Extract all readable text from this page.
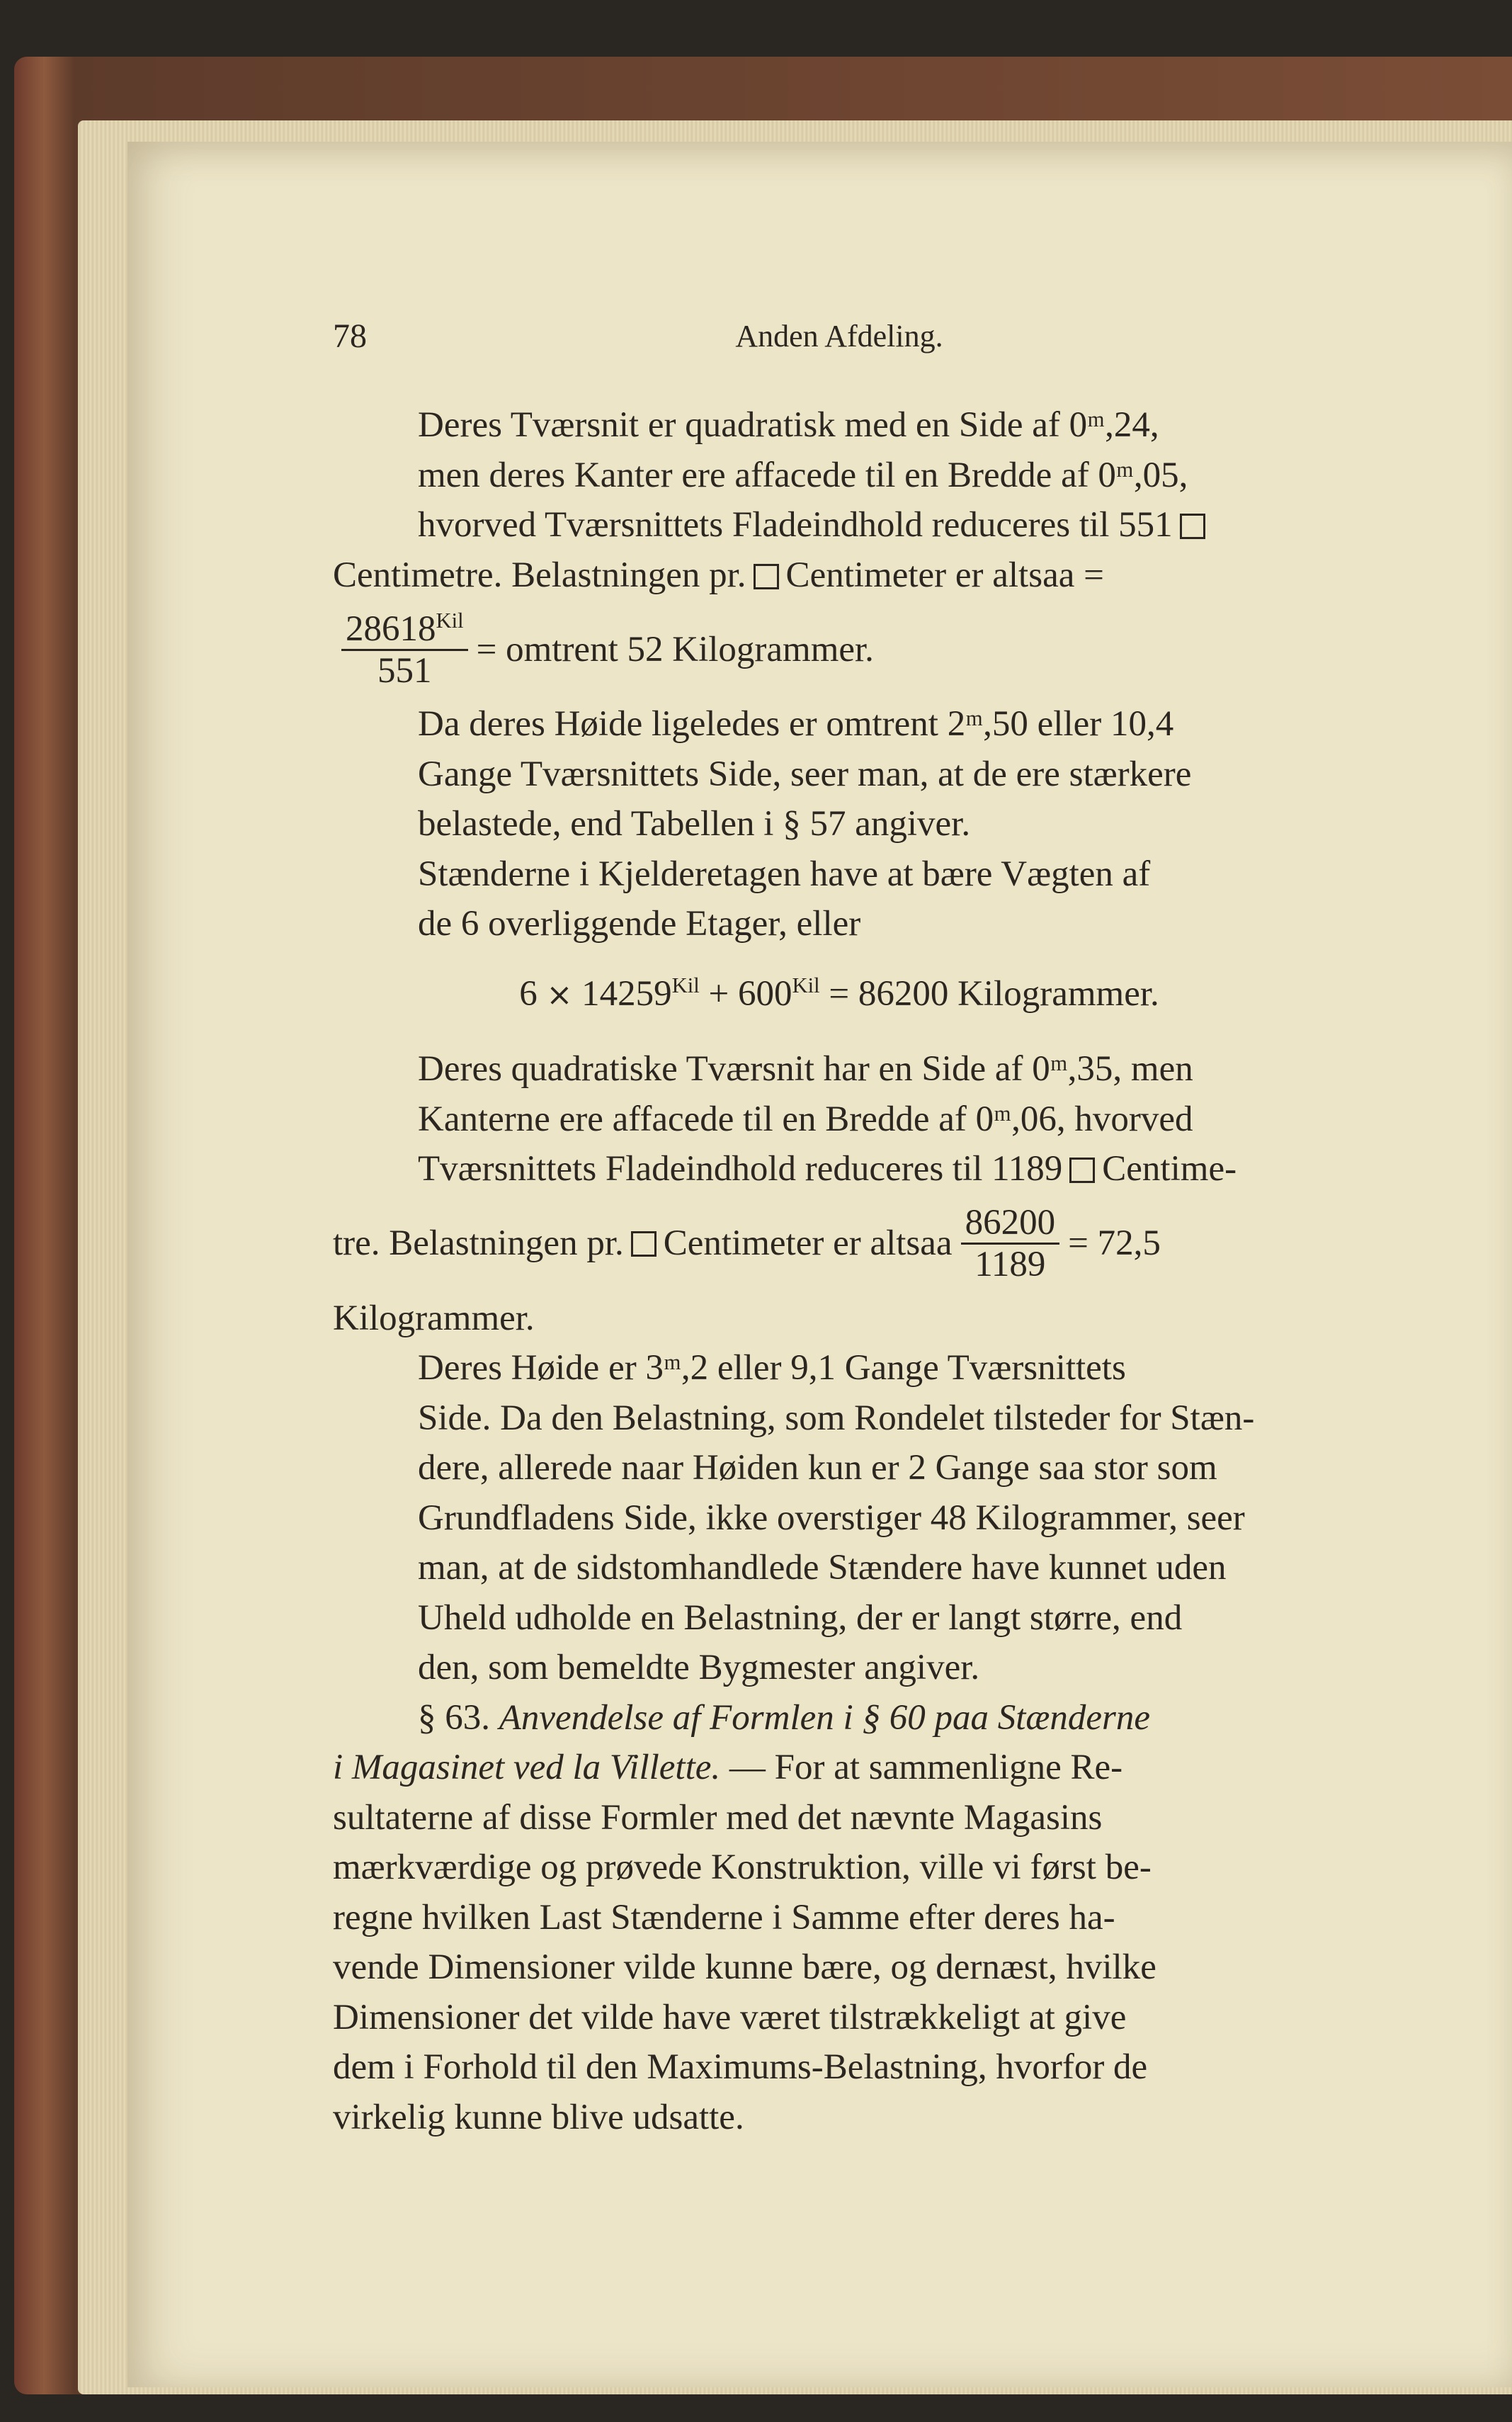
78	Anden Afdeling.

Deres Tværsnit er quadratisk med en Side af 0ᵐ,24,
men deres Kanter ere affacede til en Bredde af 0ᵐ,05,
hvorved Tværsnittets Fladeindhold reduceres til 551

Centimetre. Belastningen pr. Centimeter er altsaa =

$\frac{28618^{Kil}}{551}$ = omtrent 52 Kilogrammer.

Da deres Høide ligeledes er omtrent 2ᵐ,50 eller 10,4
Gange Tværsnittets Side, seer man, at de ere stærkere
belastede, end Tabellen i § 57 angiver.

Stænderne i Kjelderetagen have at bære Vægten af
de 6 overliggende Etager, eller

$6 \times 14259^{Kil} + 600^{Kil} = 86200$ Kilogrammer.

Deres quadratiske Tværsnit har en Side af 0ᵐ,35, men
Kanterne ere affacede til en Bredde af 0ᵐ,06, hvorved
Tværsnittets Fladeindhold reduceres til 1189 Centime-

tre. Belastningen pr. Centimeter er altsaa $\frac{86200}{1189} = 72,5$

Kilogrammer.

Deres Høide er 3ᵐ,2 eller 9,1 Gange Tværsnittets
Side. Da den Belastning, som Rondelet tilsteder for Stæn-
dere, allerede naar Høiden kun er 2 Gange saa stor som
Grundfladens Side, ikke overstiger 48 Kilogrammer, seer
man, at de sidstomhandlede Stændere have kunnet uden
Uheld udholde en Belastning, der er langt større, end
den, som bemeldte Bygmester angiver.

§ 63. Anvendelse af Formlen i § 60 paa Stænderne

i Magasinet ved la Villette. — For at sammenligne Re-
sultaterne af disse Formler med det nævnte Magasins
mærkværdige og prøvede Konstruktion, ville vi først be-
regne hvilken Last Stænderne i Samme efter deres ha-
vende Dimensioner vilde kunne bære, og dernæst, hvilke
Dimensioner det vilde have været tilstrækkeligt at give
dem i Forhold til den Maximums-Belastning, hvorfor de
virkelig kunne blive udsatte.
